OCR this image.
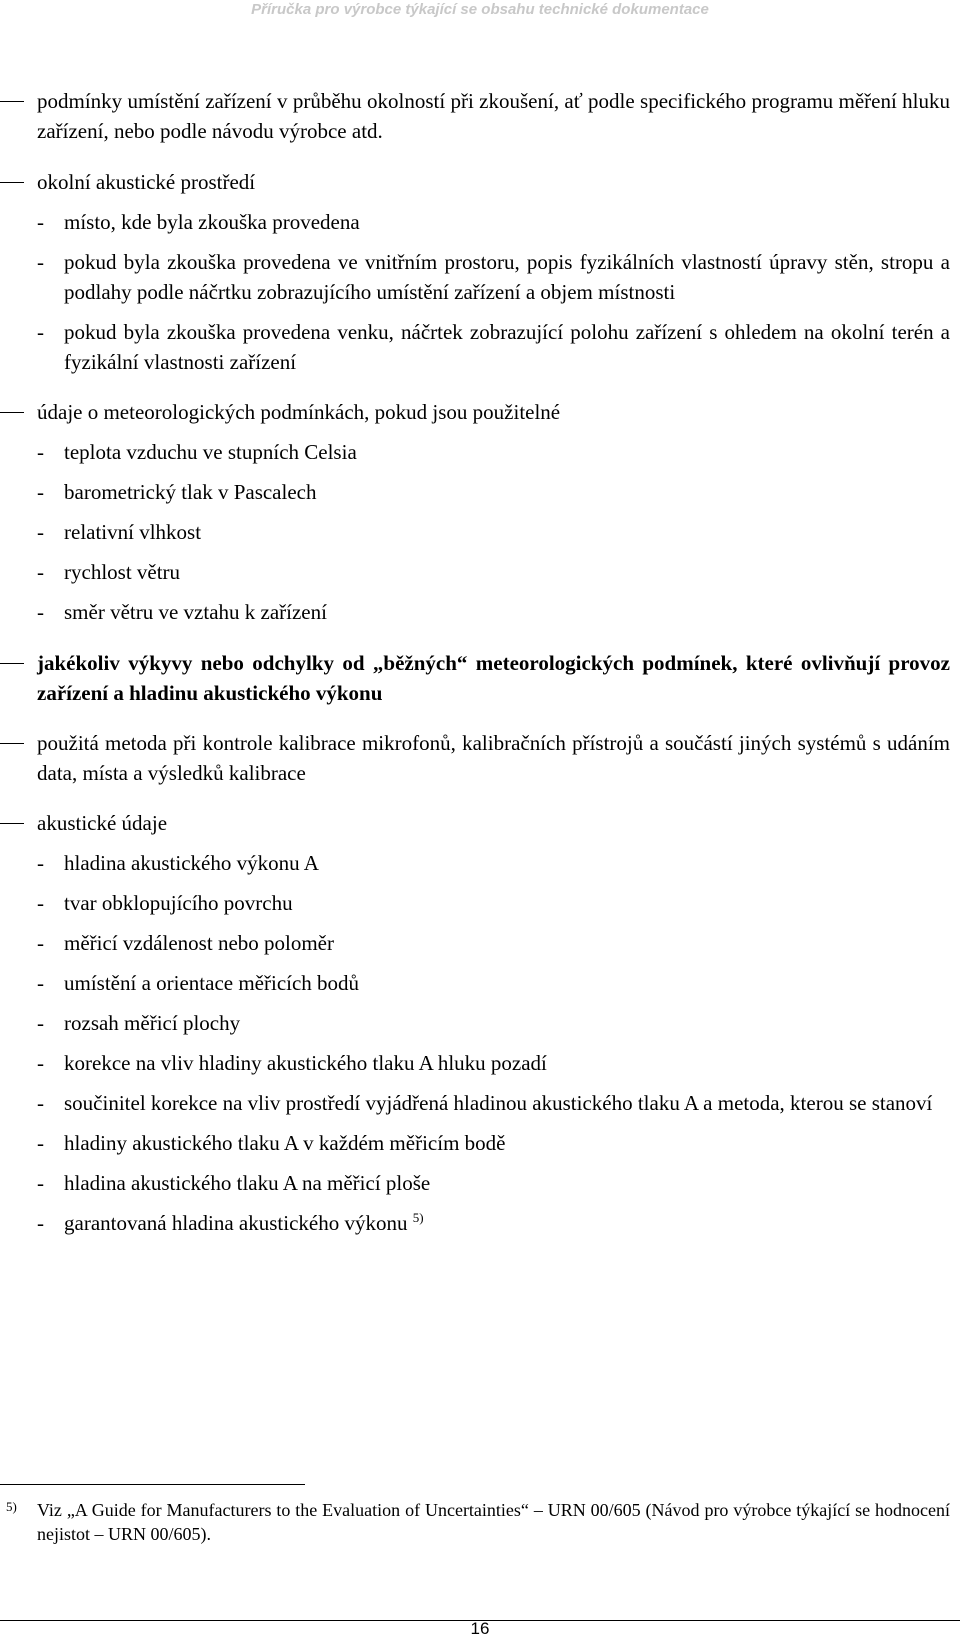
Příručka pro výrobce týkající se obsahu technické dokumentace
podmínky umístění zařízení v průběhu okolností při zkoušení, ať podle specifického programu měření hluku zařízení, nebo podle návodu výrobce atd.
okolní akustické prostředí
- místo, kde byla zkouška provedena
- pokud byla zkouška provedena ve vnitřním prostoru, popis fyzikálních vlastností úpravy stěn, stropu a podlahy podle náčrtku zobrazujícího umístění zařízení a objem místnosti
- pokud byla zkouška provedena venku, náčrtek zobrazující polohu zařízení s ohledem na okolní terén a fyzikální vlastnosti zařízení
údaje o meteorologických podmínkách, pokud jsou použitelné
- teplota vzduchu ve stupních Celsia
- barometrický tlak v Pascalech
- relativní vlhkost
- rychlost větru
- směr větru ve vztahu k zařízení
jakékoliv výkyvy nebo odchylky od „běžných“ meteorologických podmínek, které ovlivňují provoz zařízení a hladinu akustického výkonu
použitá metoda při kontrole kalibrace mikrofonů, kalibračních přístrojů a součástí jiných systémů s udáním data, místa a výsledků kalibrace
akustické údaje
- hladina akustického výkonu A
- tvar obklopujícího povrchu
- měřicí vzdálenost nebo poloměr
- umístění a orientace měřicích bodů
- rozsah měřicí plochy
- korekce na vliv hladiny akustického tlaku A hluku pozadí
- součinitel korekce na vliv prostředí vyjádřená hladinou akustického tlaku A a metoda, kterou se stanoví
- hladiny akustického tlaku A v každém měřicím bodě
- hladina akustického tlaku A na měřicí ploše
- garantovaná hladina akustického výkonu $^{5)}$
5)	Viz „A Guide for Manufacturers to the Evaluation of Uncertainties“ – URN 00/605 (Návod pro výrobce týkající se hodnocení nejistot – URN 00/605).
16
